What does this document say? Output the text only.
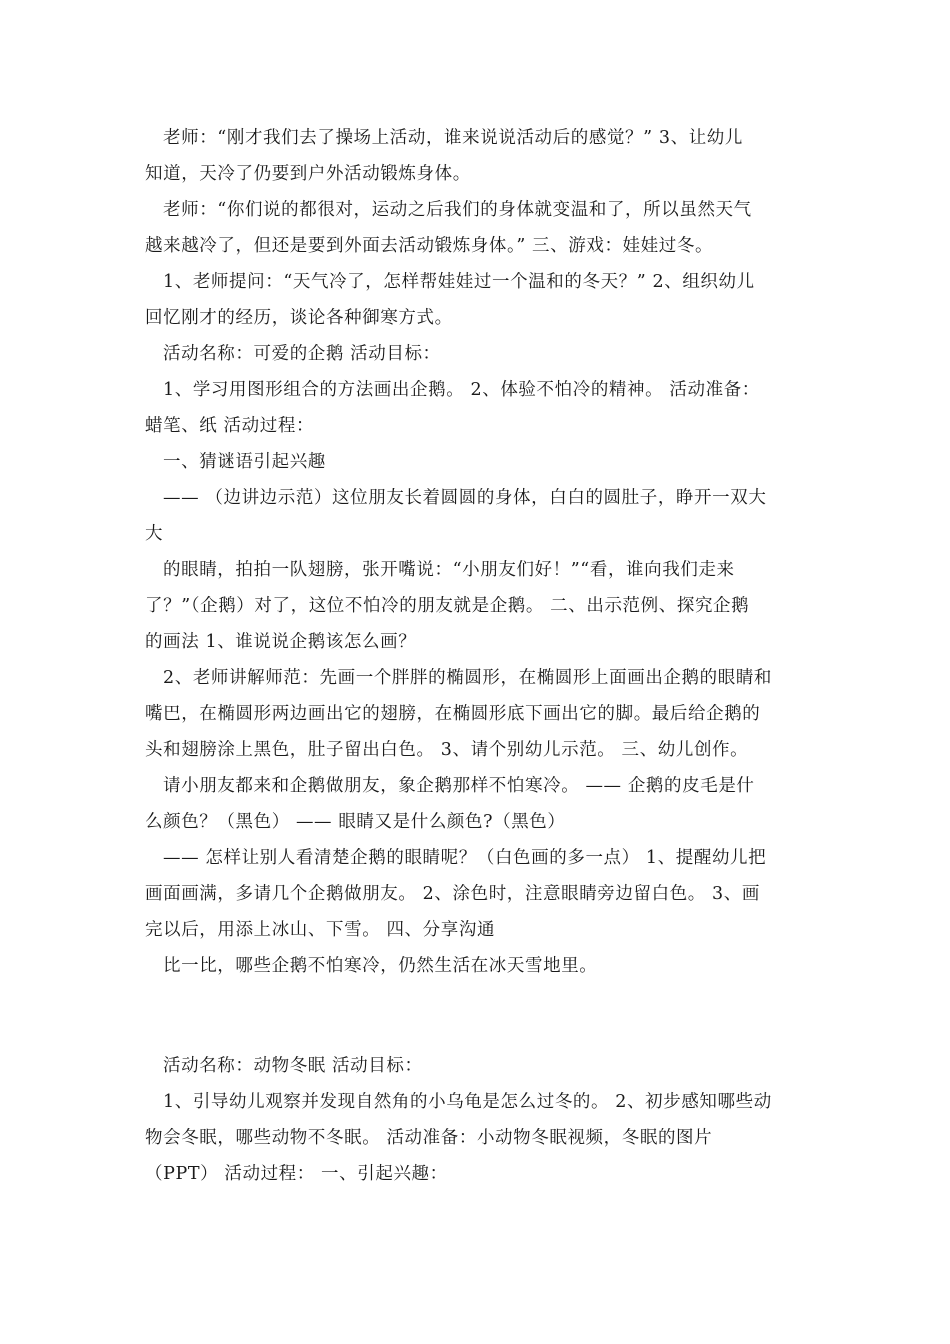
老师：“刚才我们去了操场上活动，谁来说说活动后的感觉？” 3、让幼儿
知道，天冷了仍要到户外活动锻炼身体。
老师：“你们说的都很对，运动之后我们的身体就变温和了，所以虽然天气
越来越冷了，但还是要到外面去活动锻炼身体。” 三、游戏：娃娃过冬。
1、老师提问：“天气冷了，怎样帮娃娃过一个温和的冬天？” 2、组织幼儿
回忆刚才的经历，谈论各种御寒方式。
活动名称：可爱的企鹅 活动目标：
1、学习用图形组合的方法画出企鹅。 2、体验不怕冷的精神。 活动准备：
蜡笔、纸 活动过程：
一、猜谜语引起兴趣
—— （边讲边示范）这位朋友长着圆圆的身体，白白的圆肚子，睁开一双大
大
的眼睛，拍拍一队翅膀，张开嘴说：“小朋友们好！”“看，谁向我们走来
了？”（企鹅）对了，这位不怕冷的朋友就是企鹅。 二、出示范例、探究企鹅
的画法 1、谁说说企鹅该怎么画？
2、老师讲解师范：先画一个胖胖的椭圆形，在椭圆形上面画出企鹅的眼睛和
嘴巴，在椭圆形两边画出它的翅膀，在椭圆形底下画出它的脚。最后给企鹅的
头和翅膀涂上黑色，肚子留出白色。 3、请个别幼儿示范。 三、幼儿创作。
请小朋友都来和企鹅做朋友，象企鹅那样不怕寒冷。 —— 企鹅的皮毛是什
么颜色？（黑色） —— 眼睛又是什么颜色?（黑色）
—— 怎样让别人看清楚企鹅的眼睛呢？（白色画的多一点） 1、提醒幼儿把
画面画满，多请几个企鹅做朋友。 2、涂色时，注意眼睛旁边留白色。 3、画
完以后，用添上冰山、下雪。 四、分享沟通
比一比，哪些企鹅不怕寒冷，仍然生活在冰天雪地里。
活动名称：动物冬眠 活动目标：
1、引导幼儿观察并发现自然角的小乌龟是怎么过冬的。 2、初步感知哪些动
物会冬眠，哪些动物不冬眠。 活动准备：小动物冬眠视频，冬眠的图片
（PPT） 活动过程： 一、引起兴趣：
